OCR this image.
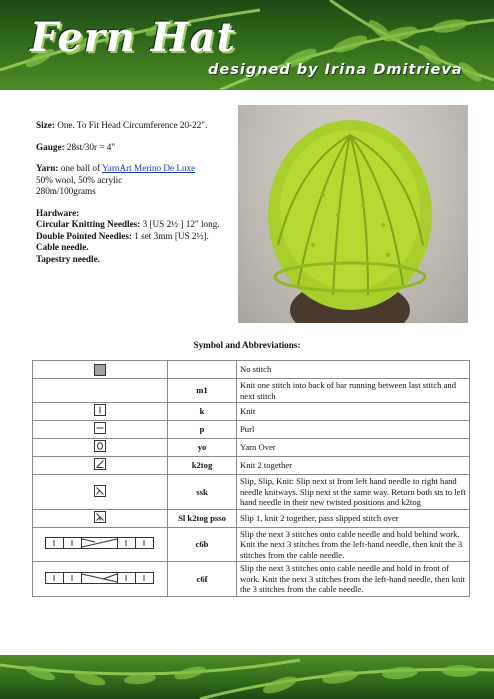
Fern Hat
designed by Irina Dmitrieva

Size: One. To Fit Head Circumference 20-22".

Gauge: 28st/30r = 4"

Yarn: one ball of YarnArt Merino De Luxe
50% wool, 50% acrylic
280m/100grams

Hardware:
Circular Knitting Needles: 3 [US 2½ ] 12" long.
Double Pointed Needles: 1 set 3mm [US 2½].
Cable needle.
Tapestry needle.

Symbol and Abbreviations:
		No stitch
	m1	Knit one stitch into back of bar running between last stitch and next stitch
	k	Knit
	p	Purl
	yo	Yarn Over
	k2tog	Knit 2 together
	ssk	Slip, Slip, Knit: Slip next st from left hand needle to right hand needle knitways. Slip next st the same way. Return both sts to left hand needle in their new twisted positions and k2tog
	Sl k2tog psso	Slip 1, knit 2 together, pass slipped stitch over
	c6b	Slip the next 3 stitches onto cable needle and hold behind work. Knit the next 3 stitches from the left-hand needle, then knit the 3 stitches from the cable needle.
	c6f	Slip the next 3 stitches onto cable needle and hold in front of work. Knit the next 3 stitches from the left-hand needle, then knit the 3 stitches from the cable needle.
